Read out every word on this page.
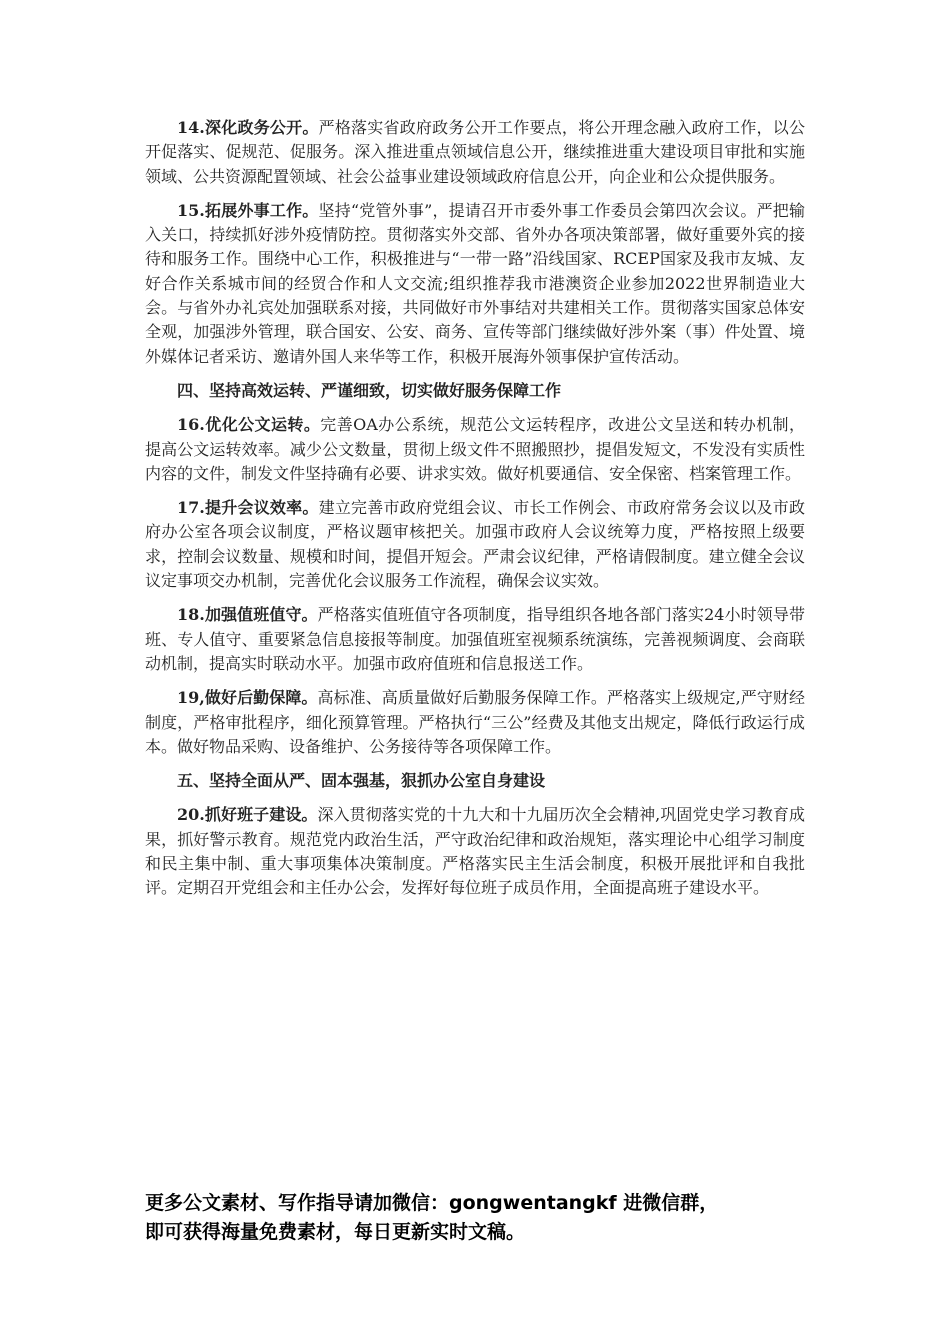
14.深化政务公开。严格落实省政府政务公开工作要点，将公开理念融入政府工作，以公开促落实、促规范、促服务。深入推进重点领域信息公开，继续推进重大建设项目审批和实施领域、公共资源配置领域、社会公益事业建设领域政府信息公开，向企业和公众提供服务。

15.拓展外事工作。坚持“党管外事”，提请召开市委外事工作委员会第四次会议。严把输入关口，持续抓好涉外疫情防控。贯彻落实外交部、省外办各项决策部署，做好重要外宾的接待和服务工作。围绕中心工作，积极推进与“一带一路”沿线国家、RCEP国家及我市友城、友好合作关系城市间的经贸合作和人文交流;组织推荐我市港澳资企业参加2022世界制造业大会。与省外办礼宾处加强联系对接，共同做好市外事结对共建相关工作。贯彻落实国家总体安全观，加强涉外管理，联合国安、公安、商务、宣传等部门继续做好涉外案（事）件处置、境外媒体记者采访、邀请外国人来华等工作，积极开展海外领事保护宣传活动。

四、坚持高效运转、严谨细致，切实做好服务保障工作

16.优化公文运转。完善OA办公系统，规范公文运转程序，改进公文呈送和转办机制，提高公文运转效率。减少公文数量，贯彻上级文件不照搬照抄，提倡发短文，不发没有实质性内容的文件，制发文件坚持确有必要、讲求实效。做好机要通信、安全保密、档案管理工作。

17.提升会议效率。建立完善市政府党组会议、市长工作例会、市政府常务会议以及市政府办公室各项会议制度，严格议题审核把关。加强市政府人会议统筹力度，严格按照上级要求，控制会议数量、规模和时间，提倡开短会。严肃会议纪律，严格请假制度。建立健全会议议定事项交办机制，完善优化会议服务工作流程，确保会议实效。

18.加强值班值守。严格落实值班值守各项制度，指导组织各地各部门落实24小时领导带班、专人值守、重要紧急信息接报等制度。加强值班室视频系统演练，完善视频调度、会商联动机制，提高实时联动水平。加强市政府值班和信息报送工作。

19,做好后勤保障。高标准、高质量做好后勤服务保障工作。严格落实上级规定,严守财经制度，严格审批程序，细化预算管理。严格执行“三公”经费及其他支出规定，降低行政运行成本。做好物品采购、设备维护、公务接待等各项保障工作。

五、坚持全面从严、固本强基，狠抓办公室自身建设

20.抓好班子建设。深入贯彻落实党的十九大和十九届历次全会精神,巩固党史学习教育成果，抓好警示教育。规范党内政治生活，严守政治纪律和政治规矩，落实理论中心组学习制度和民主集中制、重大事项集体决策制度。严格落实民主生活会制度，积极开展批评和自我批评。定期召开党组会和主任办公会，发挥好每位班子成员作用，全面提高班子建设水平。

更多公文素材、写作指导请加微信：gongwentangkf 进微信群，

即可获得海量免费素材，每日更新实时文稿。
